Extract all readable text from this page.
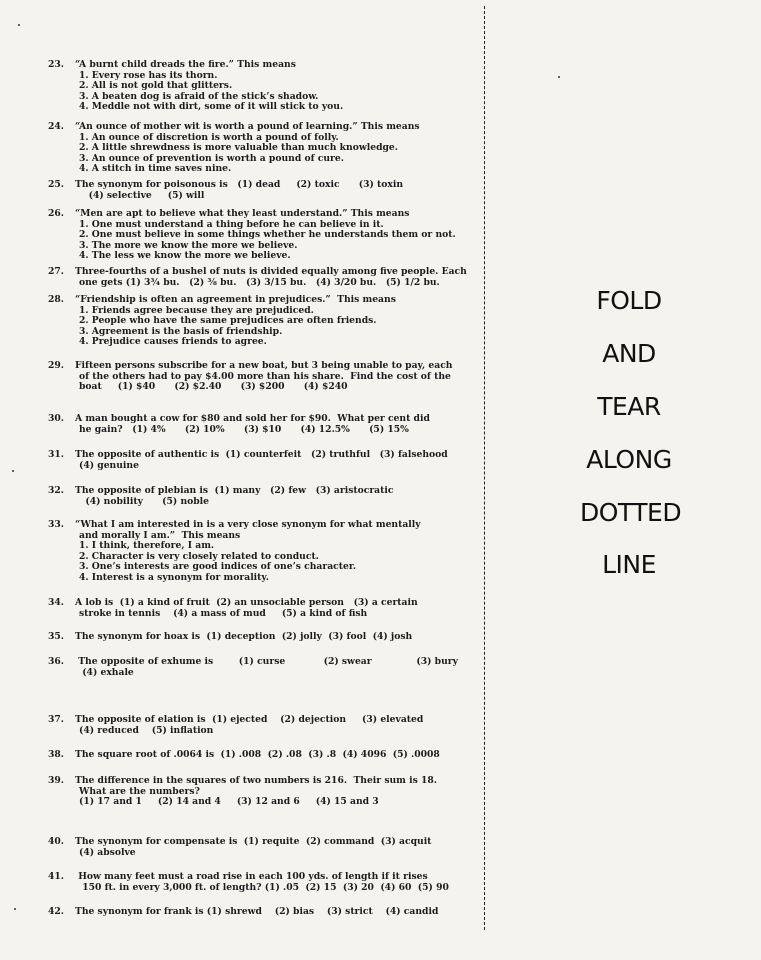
23.	“A burnt child dreads the fire.” This means
1. Every rose has its thorn.
2. All is not gold that glitters.
3. A beaten dog is afraid of the stick’s shadow.
4. Meddle not with dirt, some of it will stick to you.
24.	“An ounce of mother wit is worth a pound of learning.” This means
1. An ounce of discretion is worth a pound of folly.
2. A little shrewdness is more valuable than much knowledge.
3. An ounce of prevention is worth a pound of cure.
4. A stitch in time saves nine.
25.	The synonym for poisonous is   (1) dead     (2) toxic      (3) toxin
(4) selective     (5) will
26.	“Men are apt to believe what they least understand.” This means
1. One must understand a thing before he can believe in it.
2. One must believe in some things whether he understands them or not.
3. The more we know the more we believe.
4. The less we know the more we believe.
27.	Three-fourths of a bushel of nuts is divided equally among five people. Each
one gets (1) 3¾ bu.   (2) ⅜ bu.   (3) 3/15 bu.   (4) 3/20 bu.   (5) 1/2 bu.
28.	“Friendship is often an agreement in prejudices.”  This means
1. Friends agree because they are prejudiced.
2. People who have the same prejudices are often friends.
3. Agreement is the basis of friendship.
4. Prejudice causes friends to agree.
29.	Fifteen persons subscribe for a new boat, but 3 being unable to pay, each
of the others had to pay $4.00 more than his share.  Find the cost of the
boat     (1) $40      (2) $2.40      (3) $200      (4) $240
30.	A man bought a cow for $80 and sold her for $90.  What per cent did
he gain?   (1) 4%      (2) 10%      (3) $10      (4) 12.5%      (5) 15%
31.	The opposite of authentic is  (1) counterfeit   (2) truthful   (3) falsehood
(4) genuine
32.	The opposite of plebian is  (1) many   (2) few   (3) aristocratic
(4) nobility      (5) noble
33.	“What I am interested in is a very close synonym for what mentally
and morally I am.”  This means
1. I think, therefore, I am.
2. Character is very closely related to conduct.
3. One’s interests are good indices of one’s character.
4. Interest is a synonym for morality.
34.	A lob is  (1) a kind of fruit  (2) an unsociable person   (3) a certain
stroke in tennis    (4) a mass of mud     (5) a kind of fish
35.	The synonym for hoax is  (1) deception  (2) jolly  (3) fool  (4) josh
36.	The opposite of exhume is        (1) curse            (2) swear              (3) bury
(4) exhale
37.	The opposite of elation is  (1) ejected    (2) dejection     (3) elevated
(4) reduced    (5) inflation
38.	The square root of .0064 is  (1) .008  (2) .08  (3) .8  (4) 4096  (5) .0008
39.	The difference in the squares of two numbers is 216.  Their sum is 18.
What are the numbers?
(1) 17 and 1     (2) 14 and 4     (3) 12 and 6     (4) 15 and 3
40.	The synonym for compensate is  (1) requite  (2) command  (3) acquit
(4) absolve
41.	How many feet must a road rise in each 100 yds. of length if it rises
150 ft. in every 3,000 ft. of length? (1) .05  (2) 15  (3) 20  (4) 60  (5) 90
42.	The synonym for frank is (1) shrewd    (2) bias    (3) strict    (4) candid
FOLD
AND
TEAR
ALONG
DOTTED
LINE
